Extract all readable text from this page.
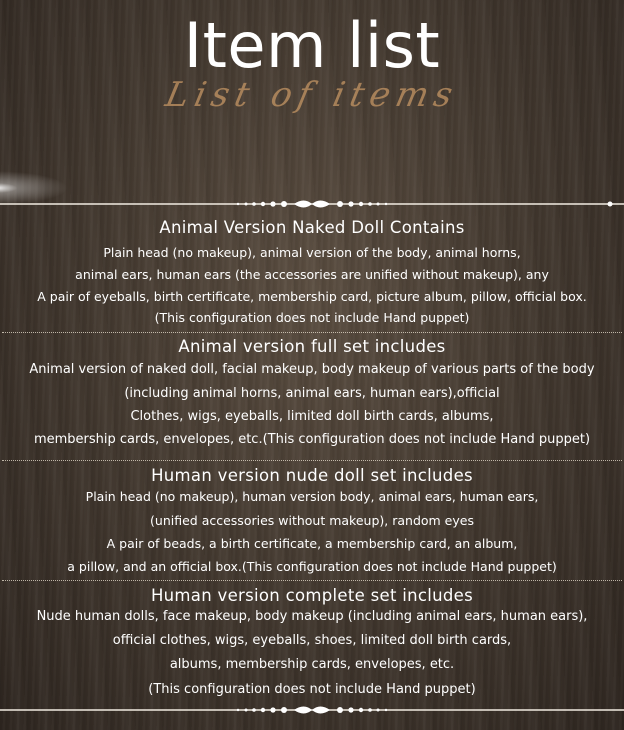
Item list
List of items
Animal Version Naked Doll Contains
Plain head (no makeup), animal version of the body, animal horns,
animal ears, human ears (the accessories are unified without makeup), any
A pair of eyeballs, birth certificate, membership card, picture album, pillow, official box.
(This configuration does not include Hand puppet)
Animal version full set includes
Animal version of naked doll, facial makeup, body makeup of various parts of the body
(including animal horns, animal ears, human ears),official
Clothes, wigs, eyeballs, limited doll birth cards, albums,
membership cards, envelopes, etc.(This configuration does not include Hand puppet)
Human version nude doll set includes
Plain head (no makeup), human version body, animal ears, human ears,
(unified accessories without makeup), random eyes
A pair of beads, a birth certificate, a membership card, an album,
a pillow, and an official box.(This configuration does not include Hand puppet)
Human version complete set includes
Nude human dolls, face makeup, body makeup (including animal ears, human ears),
official clothes, wigs, eyeballs, shoes, limited doll birth cards,
albums, membership cards, envelopes, etc.
(This configuration does not include Hand puppet)
